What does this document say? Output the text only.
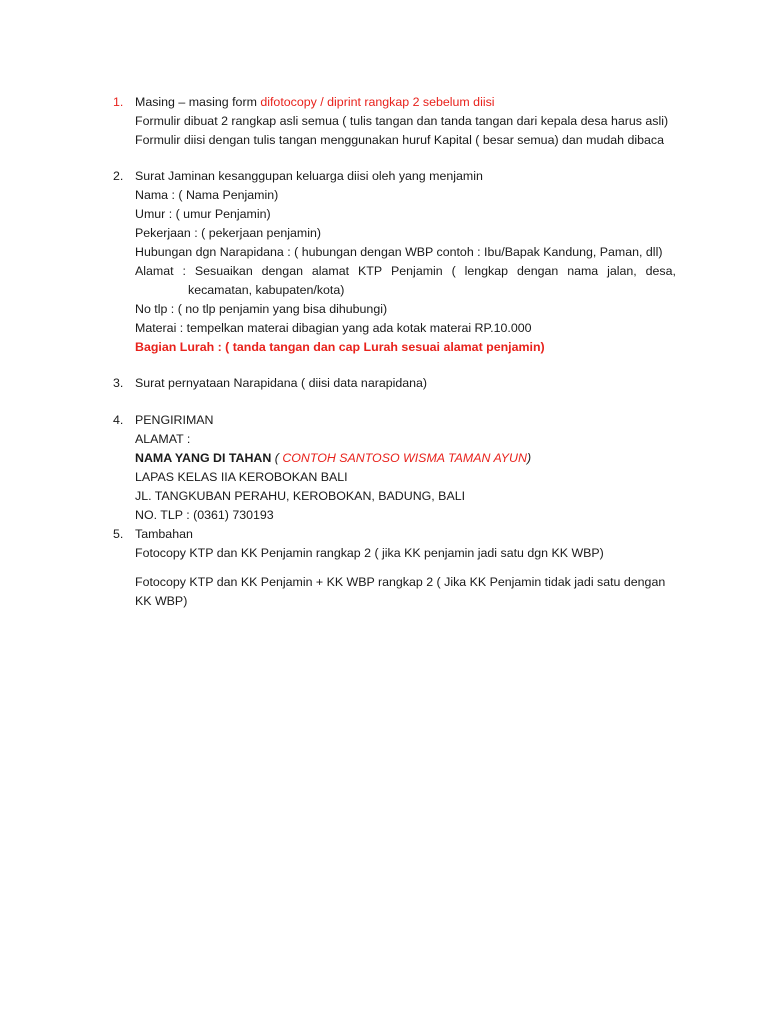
1. Masing – masing form difotocopy / diprint rangkap 2 sebelum diisi
Formulir dibuat 2 rangkap asli semua ( tulis tangan dan tanda tangan dari kepala desa harus asli)
Formulir diisi dengan tulis tangan menggunakan huruf Kapital ( besar semua) dan mudah dibaca
2. Surat Jaminan kesanggupan keluarga diisi oleh yang menjamin
Nama : ( Nama Penjamin)
Umur : ( umur Penjamin)
Pekerjaan : ( pekerjaan penjamin)
Hubungan dgn Narapidana : ( hubungan dengan WBP contoh : Ibu/Bapak Kandung, Paman, dll)
Alamat : Sesuaikan dengan alamat KTP Penjamin ( lengkap dengan nama jalan, desa,
kecamatan, kabupaten/kota)
No tlp : ( no tlp penjamin yang bisa dihubungi)
Materai : tempelkan materai dibagian yang ada kotak materai RP.10.000
Bagian Lurah : ( tanda tangan dan cap Lurah sesuai alamat penjamin)
3. Surat pernyataan Narapidana ( diisi data narapidana)
4. PENGIRIMAN
ALAMAT :
NAMA YANG DI TAHAN ( CONTOH SANTOSO WISMA TAMAN AYUN)
LAPAS KELAS IIA KEROBOKAN BALI
JL. TANGKUBAN PERAHU, KEROBOKAN, BADUNG, BALI
NO. TLP : (0361) 730193
5. Tambahan
Fotocopy KTP dan KK Penjamin rangkap 2 ( jika KK penjamin jadi satu dgn KK WBP)
Fotocopy KTP dan KK Penjamin + KK WBP rangkap 2 ( Jika KK Penjamin tidak jadi satu dengan KK WBP)
